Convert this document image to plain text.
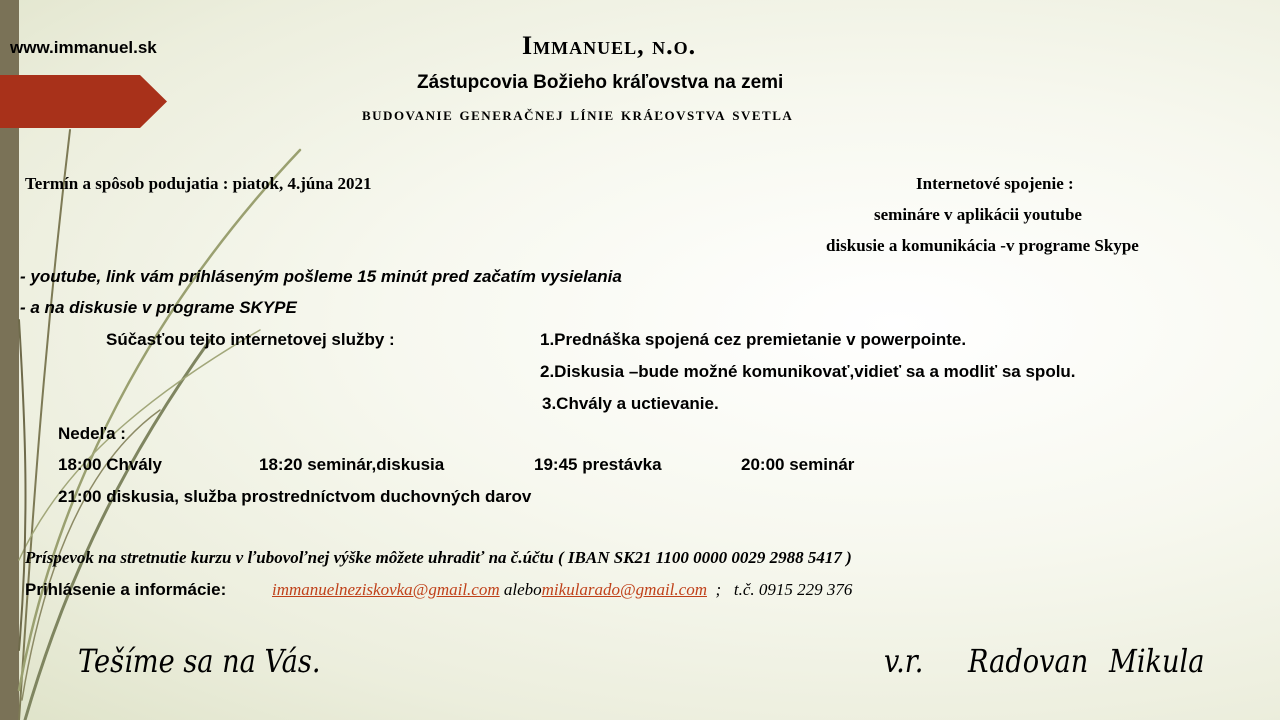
www.immanuel.sk	Immanuel, n.o.
Zástupcovia Božieho kráľovstva na zemi
budovanie generačnej línie kráľovstva svetla
Termín a spôsob podujatia : piatok, 4.júna 2021	Internetové spojenie :
semináre v aplikácii youtube
diskusie a komunikácia -v programe Skype
- youtube, link vám prihláseným pošleme 15 minút pred začatím vysielania
- a na diskusie v programe SKYPE
Súčasťou tejto internetovej služby :	1.Prednáška spojená cez premietanie v powerpointe.
2.Diskusia –bude možné komunikovať,vidieť sa a modliť sa spolu.
3.Chvály a uctievanie.
Nedeľa :
18:00 Chvály	18:20 seminár,diskusia	19:45 prestávka	20:00 seminár
21:00 diskusia, služba prostredníctvom duchovných darov
Príspevok na stretnutie kurzu v ľubovoľnej výške môžete uhradiť na č.účtu ( IBAN SK21 1100 0000 0029 2988 5417 )
Prihlásenie a informácie:	immanuelneziskovka@gmail.com alebomikularado@gmail.com ; t.č. 0915 229 376
Tešíme sa na Vás.	v.r. Radovan Mikula
